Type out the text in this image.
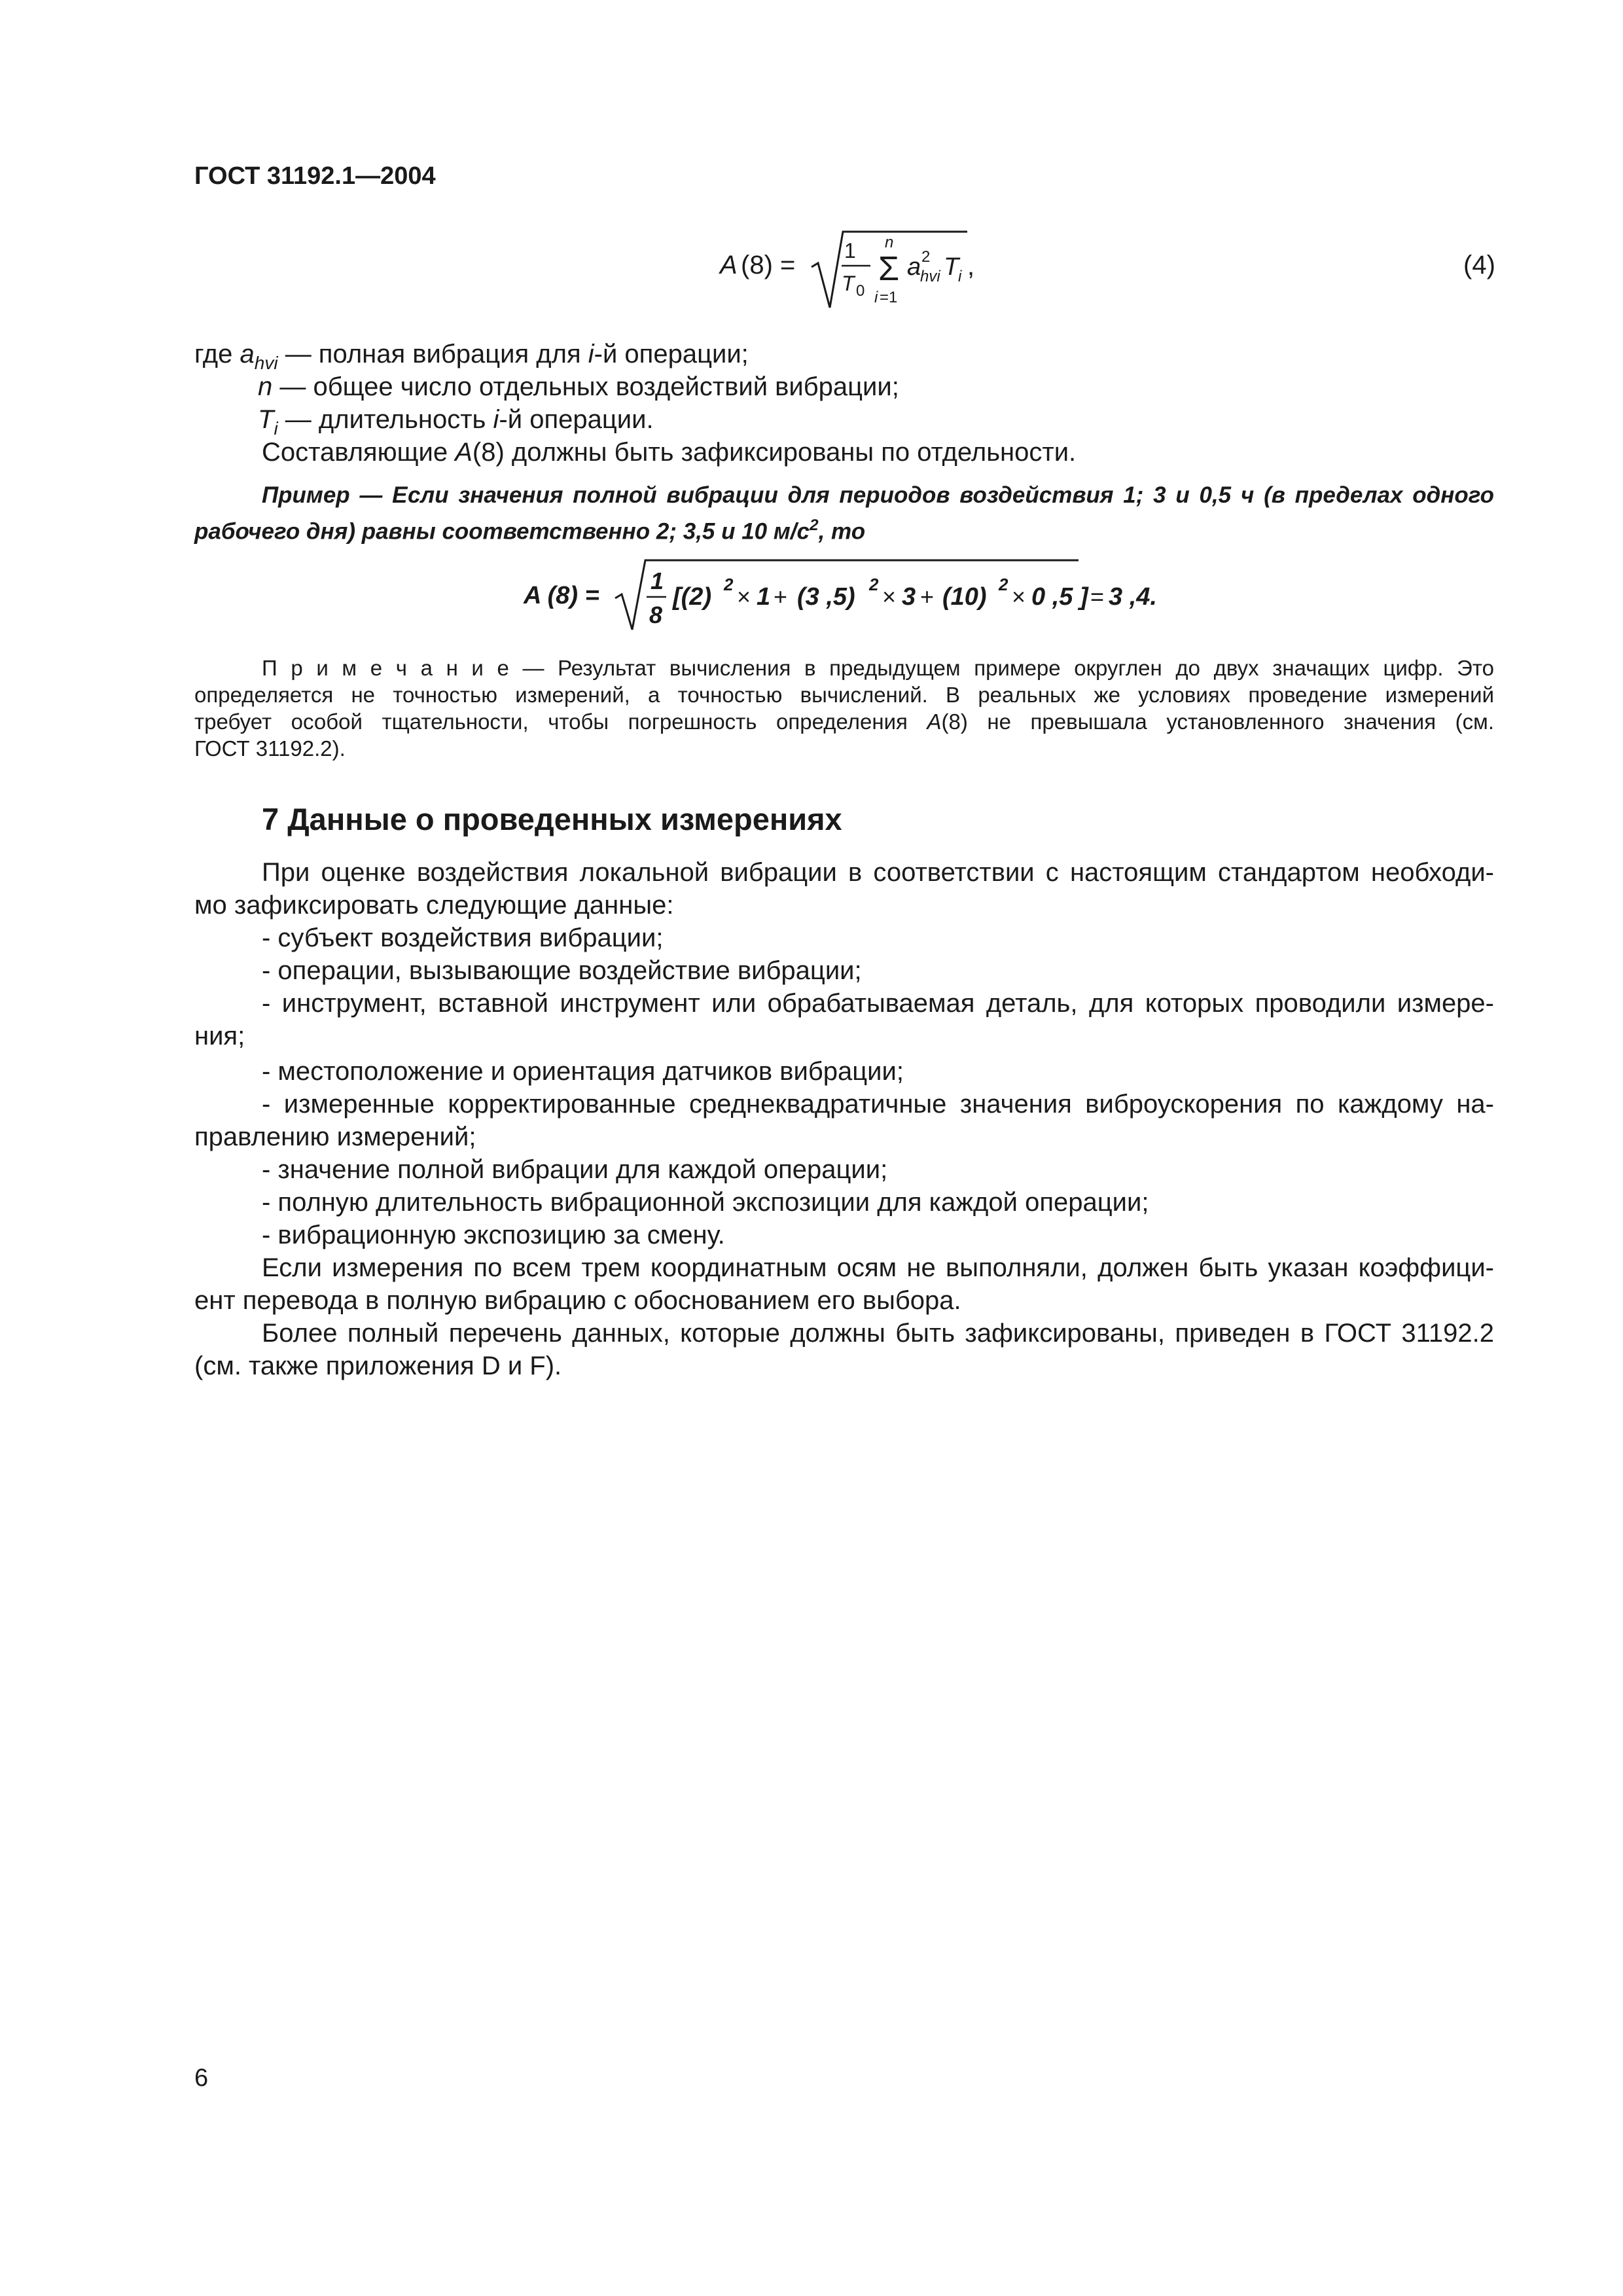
ГОСТ 31192.1—2004
A (8) = 1
T 0
n
Σ
i =1
a 2
hvi T
i ,	(4)
где $a_{hvi}$ — полная вибрация для i-й операции;
n — общее число отдельных воздействий вибрации;
$T_i$ — длительность i-й операции.
Составляющие A(8) должны быть зафиксированы по отдельности.
Пример — Если значения полной вибрации для периодов воздействия 1; 3 и 0,5 ч (в пределах одного
рабочего дня) равны соответственно 2; 3,5 и 10 $м/с^2$, то
A (8) =
1
8
[(2) 2 × 1 + (3 ,5) 2 × 3 + (10) 2 × 0 ,5 ] = 3 ,4.
П р и м е ч а н и е — Результат вычисления в предыдущем примере округлен до двух значащих цифр. Это
определяется не точностью измерений, а точностью вычислений. В реальных же условиях проведение измерений
требует особой тщательности, чтобы погрешность определения A(8) не превышала установленного значения (см.
ГОСТ 31192.2).
7 Данные о проведенных измерениях
При оценке воздействия локальной вибрации в соответствии с настоящим стандартом необходи-
мо зафиксировать следующие данные:
- субъект воздействия вибрации;
- операции, вызывающие воздействие вибрации;
- инструмент, вставной инструмент или обрабатываемая деталь, для которых проводили измере-
ния;
- местоположение и ориентация датчиков вибрации;
- измеренные корректированные среднеквадратичные значения виброускорения по каждому на-
правлению измерений;
- значение полной вибрации для каждой операции;
- полную длительность вибрационной экспозиции для каждой операции;
- вибрационную экспозицию за смену.
Если измерения по всем трем координатным осям не выполняли, должен быть указан коэффици-
ент перевода в полную вибрацию с обоснованием его выбора.
Более полный перечень данных, которые должны быть зафиксированы, приведен в ГОСТ 31192.2
(см. также приложения D и F).
6
